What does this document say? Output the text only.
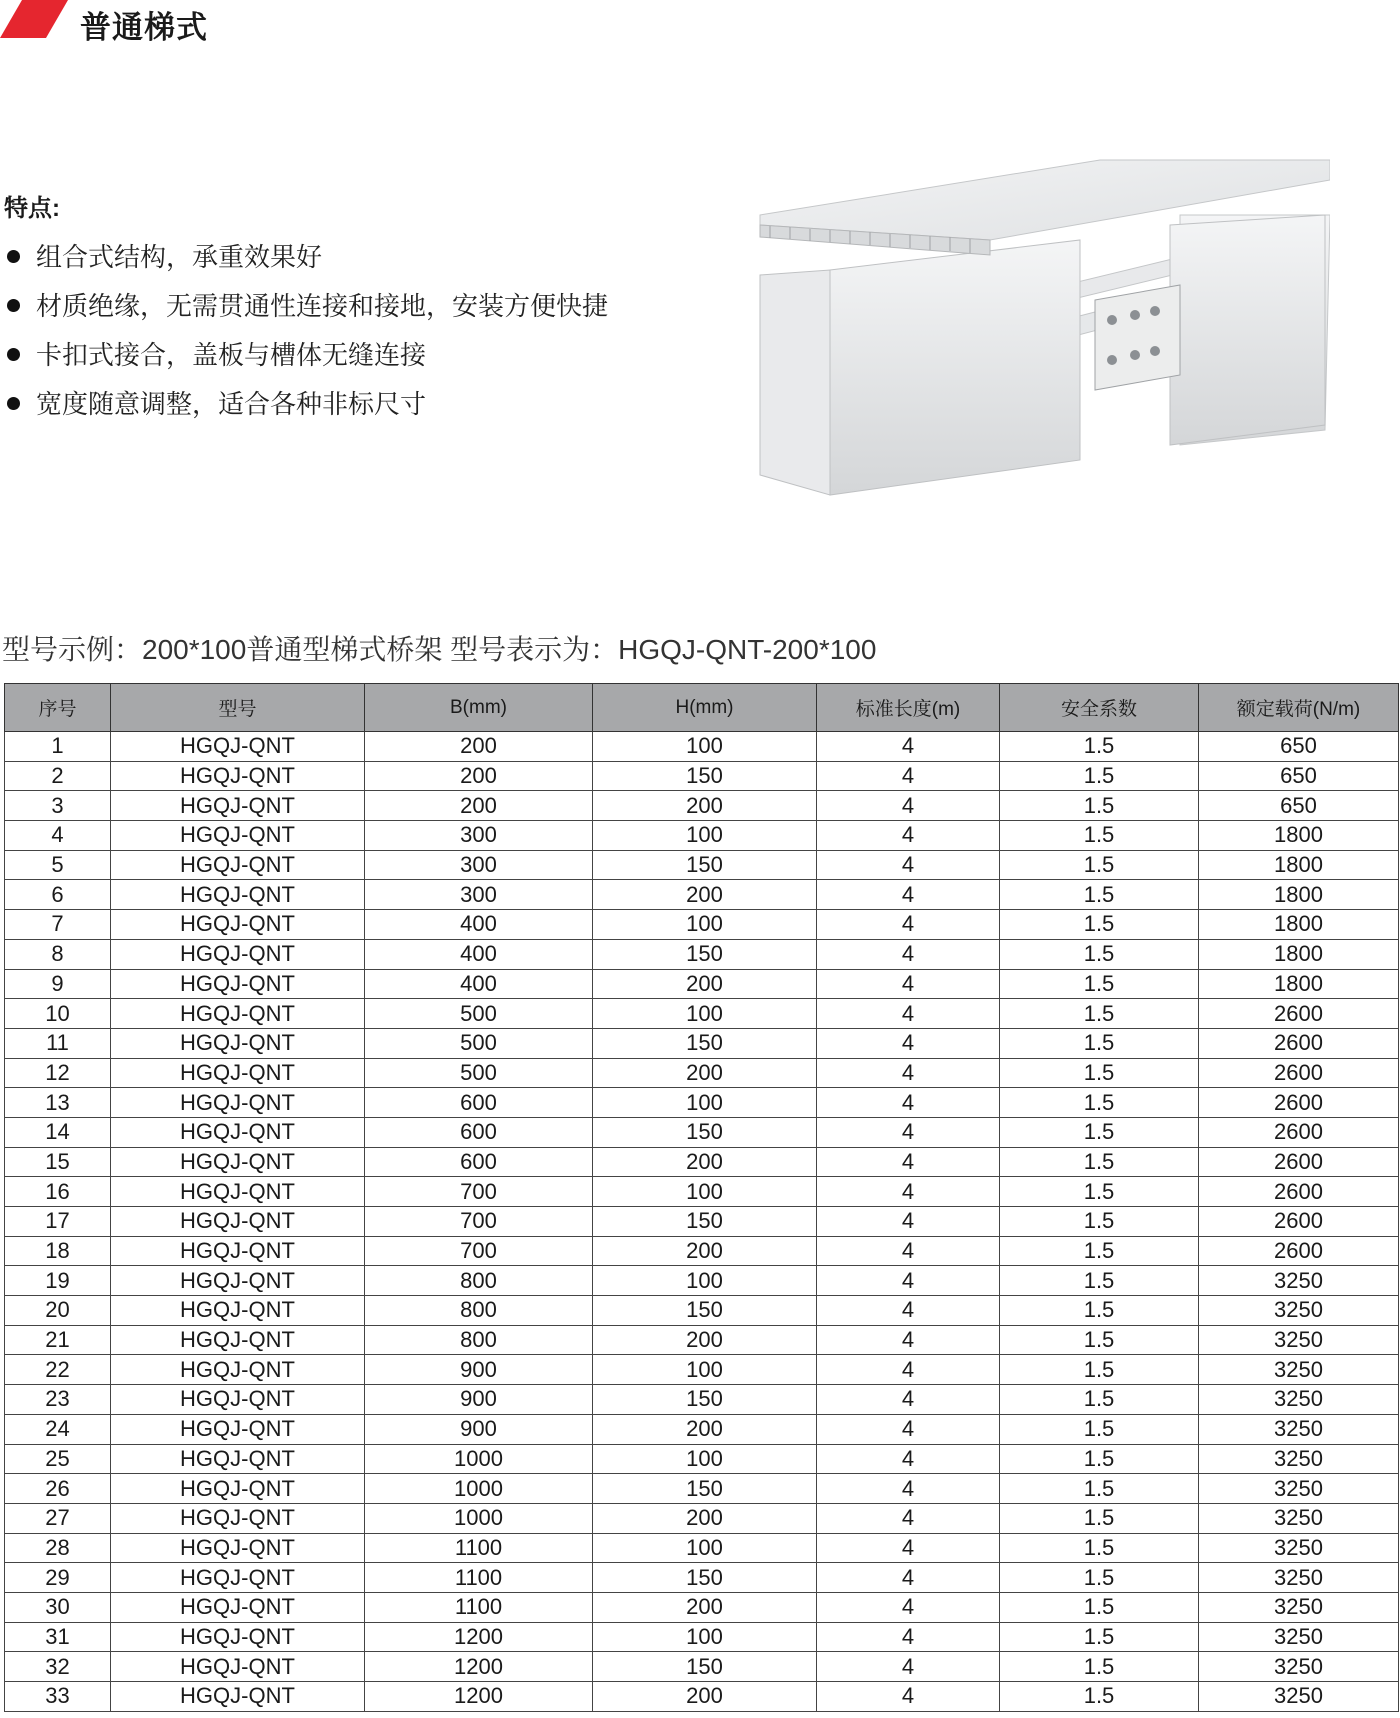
普通梯式
特点:
组合式结构，承重效果好
材质绝缘，无需贯通性连接和接地，安装方便快捷
卡扣式接合，盖板与槽体无缝连接
宽度随意调整，适合各种非标尺寸
型号示例：200*100普通型梯式桥架 型号表示为：HGQJ-QNT-200*100
序号	型号	B(mm)	H(mm)	标准长度(m)	安全系数	额定载荷(N/m)
1	HGQJ-QNT	200	100	4	1.5	650
2	HGQJ-QNT	200	150	4	1.5	650
3	HGQJ-QNT	200	200	4	1.5	650
4	HGQJ-QNT	300	100	4	1.5	1800
5	HGQJ-QNT	300	150	4	1.5	1800
6	HGQJ-QNT	300	200	4	1.5	1800
7	HGQJ-QNT	400	100	4	1.5	1800
8	HGQJ-QNT	400	150	4	1.5	1800
9	HGQJ-QNT	400	200	4	1.5	1800
10	HGQJ-QNT	500	100	4	1.5	2600
11	HGQJ-QNT	500	150	4	1.5	2600
12	HGQJ-QNT	500	200	4	1.5	2600
13	HGQJ-QNT	600	100	4	1.5	2600
14	HGQJ-QNT	600	150	4	1.5	2600
15	HGQJ-QNT	600	200	4	1.5	2600
16	HGQJ-QNT	700	100	4	1.5	2600
17	HGQJ-QNT	700	150	4	1.5	2600
18	HGQJ-QNT	700	200	4	1.5	2600
19	HGQJ-QNT	800	100	4	1.5	3250
20	HGQJ-QNT	800	150	4	1.5	3250
21	HGQJ-QNT	800	200	4	1.5	3250
22	HGQJ-QNT	900	100	4	1.5	3250
23	HGQJ-QNT	900	150	4	1.5	3250
24	HGQJ-QNT	900	200	4	1.5	3250
25	HGQJ-QNT	1000	100	4	1.5	3250
26	HGQJ-QNT	1000	150	4	1.5	3250
27	HGQJ-QNT	1000	200	4	1.5	3250
28	HGQJ-QNT	1100	100	4	1.5	3250
29	HGQJ-QNT	1100	150	4	1.5	3250
30	HGQJ-QNT	1100	200	4	1.5	3250
31	HGQJ-QNT	1200	100	4	1.5	3250
32	HGQJ-QNT	1200	150	4	1.5	3250
33	HGQJ-QNT	1200	200	4	1.5	3250
